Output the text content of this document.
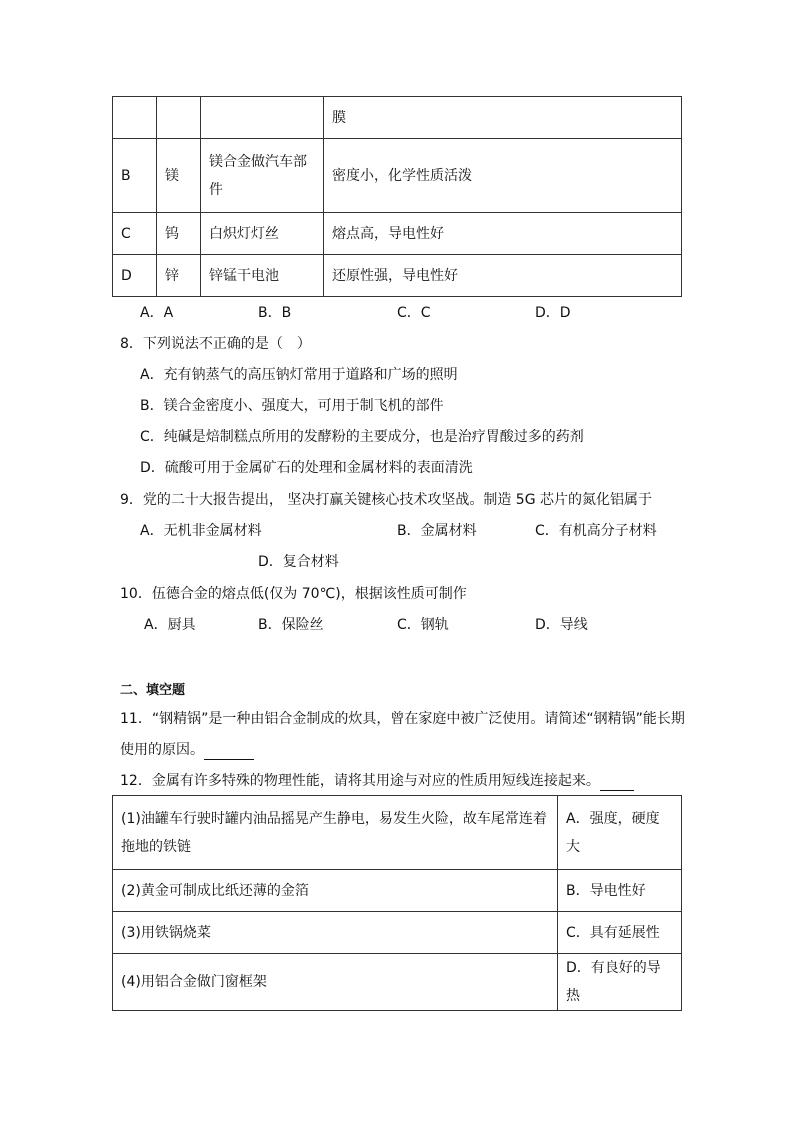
			膜
B	镁	镁合金做汽车部件	密度小，化学性质活泼
C	钨	白炽灯灯丝	熔点高，导电性好
D	锌	锌锰干电池	还原性强，导电性好
A．A	B．B	C．C	D．D
8．下列说法不正确的是（　）
A．充有钠蒸气的高压钠灯常用于道路和广场的照明
B．镁合金密度小、强度大，可用于制飞机的部件
C．纯碱是焙制糕点所用的发酵粉的主要成分，也是治疗胃酸过多的药剂
D．硫酸可用于金属矿石的处理和金属材料的表面清洗
9．党的二十大报告提出， 坚决打赢关键核心技术攻坚战。制造 5G 芯片的氮化铝属于
A．无机非金属材料	B．金属材料	C．有机高分子材料
D．复合材料
10．伍德合金的熔点低(仅为 70℃)，根据该性质可制作
A．厨具	B．保险丝	C．钢轨	D．导线
二、填空题
11．“钢精锅”是一种由铝合金制成的炊具，曾在家庭中被广泛使用。请简述“钢精锅”能长期
使用的原因。
12．金属有许多特殊的物理性能，请将其用途与对应的性质用短线连接起来。
(1)油罐车行驶时罐内油品摇晃产生静电，易发生火险，故车尾常连着
拖地的铁链	A．强度，硬度大
(2)黄金可制成比纸还薄的金箔	B．导电性好
(3)用铁锅烧菜	C．具有延展性
(4)用铝合金做门窗框架	D．有良好的导热
